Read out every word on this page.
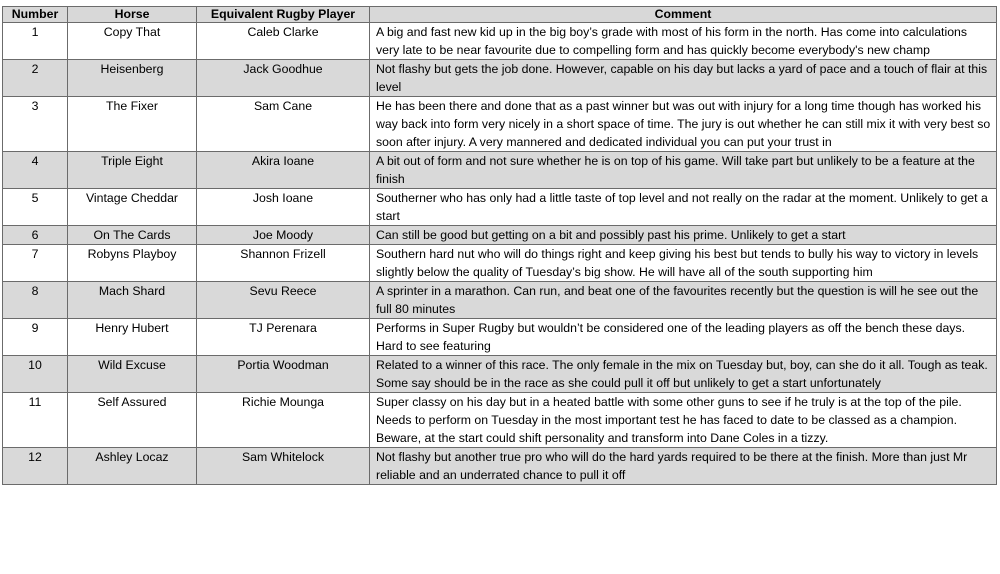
Number	Horse	Equivalent Rugby Player	Comment
1	Copy That	Caleb Clarke	A big and fast new kid up in the big boy’s grade with most of his form in the north. Has come into calculations very late to be near favourite due to compelling form and has quickly become everybody's new champ
2	Heisenberg	Jack Goodhue	Not flashy but gets the job done. However, capable on his day but lacks a yard of pace and a touch of flair at this level
3	The Fixer	Sam Cane	He has been there and done that as a past winner but was out with injury for a long time though has worked his way back into form very nicely in a short space of time. The jury is out whether he can still mix it with very best so soon after injury. A very mannered and dedicated individual you can put your trust in
4	Triple Eight	Akira Ioane	A bit out of form and not sure whether he is on top of his game. Will take part but unlikely to be a feature at the finish
5	Vintage Cheddar	Josh Ioane	Southerner who has only had a little taste of top level and not really on the radar at the moment. Unlikely to get a start
6	On The Cards	Joe Moody	Can still be good but getting on a bit and possibly past his prime. Unlikely to get a start
7	Robyns Playboy	Shannon Frizell	Southern hard nut who will do things right and keep giving his best but tends to bully his way to victory in levels slightly below the quality of Tuesday’s big show. He will have all of the south supporting him
8	Mach Shard	Sevu Reece	A sprinter in a marathon. Can run, and beat one of the favourites recently but the question is will he see out the full 80 minutes
9	Henry Hubert	TJ Perenara	Performs in Super Rugby but wouldn’t be considered one of the leading players as off the bench these days. Hard to see featuring
10	Wild Excuse	Portia Woodman	Related to a winner of this race. The only female in the mix on Tuesday but, boy, can she do it all. Tough as teak. Some say should be in the race as she could pull it off but unlikely to get a start unfortunately
11	Self Assured	Richie Mounga	Super classy on his day but in a heated battle with some other guns to see if he truly is at the top of the pile. Needs to perform on Tuesday in the most important test he has faced to date to be classed as a champion. Beware, at the start could shift personality and transform into Dane Coles in a tizzy.
12	Ashley Locaz	Sam Whitelock	Not flashy but another true pro who will do the hard yards required to be there at the finish. More than just Mr reliable and an underrated chance to pull it off
